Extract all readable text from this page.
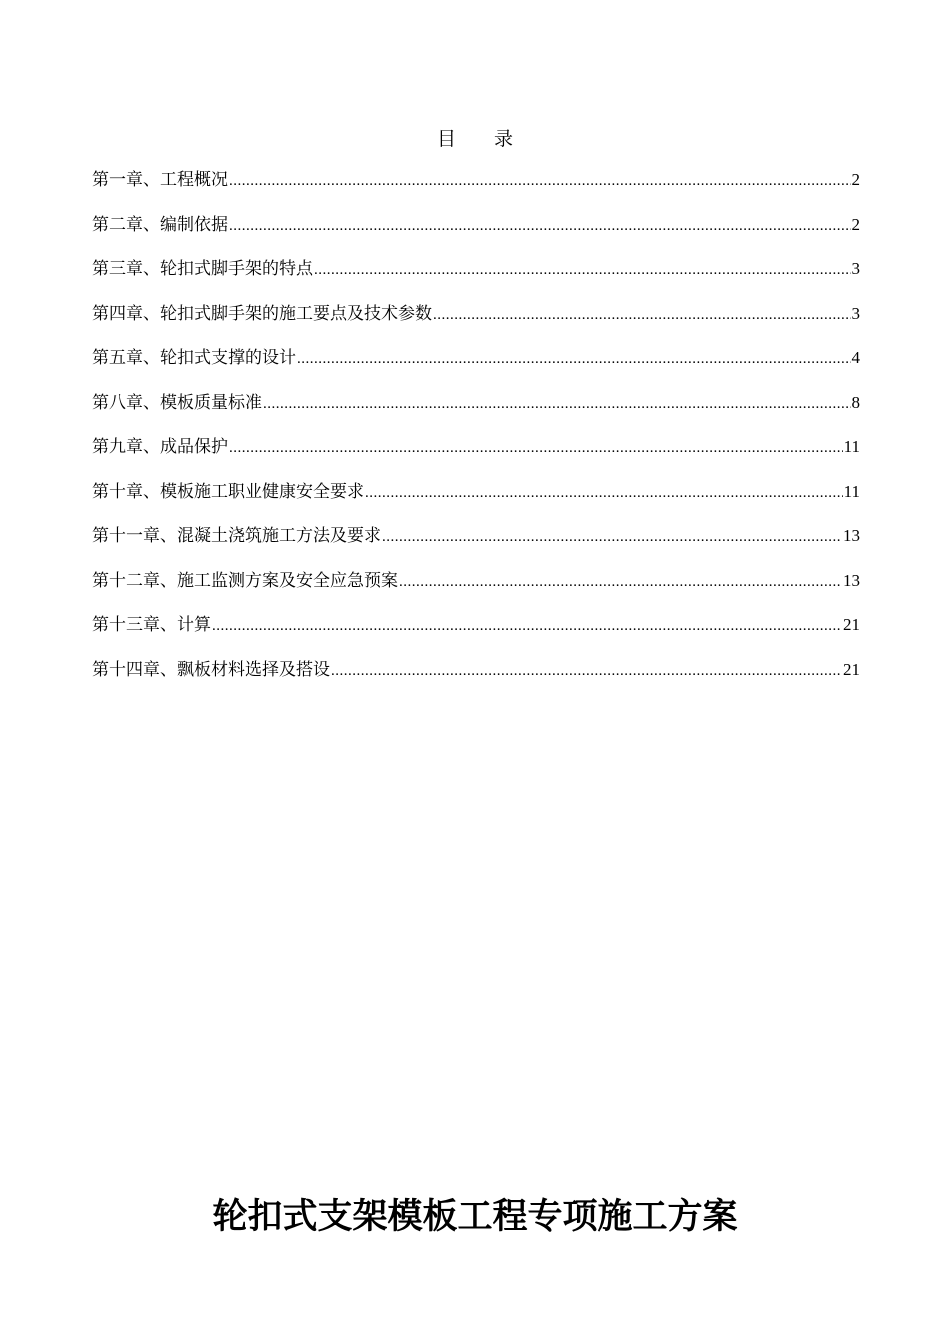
目 录
第一章、工程概况 .....	2
第二章、编制依据 .....	2
第三章、轮扣式脚手架的特点 .....	3
第四章、轮扣式脚手架的施工要点及技术参数 .....	3
第五章、轮扣式支撑的设计 .....	4
第八章、模板质量标准 .....	8
第九章、成品保护 .....	11
第十章、模板施工职业健康安全要求 .....	11
第十一章、混凝土浇筑施工方法及要求 .....	13
第十二章、施工监测方案及安全应急预案 .....	13
第十三章、计算 .....	21
第十四章、飘板材料选择及搭设 .....	21
轮扣式支架模板工程专项施工方案
